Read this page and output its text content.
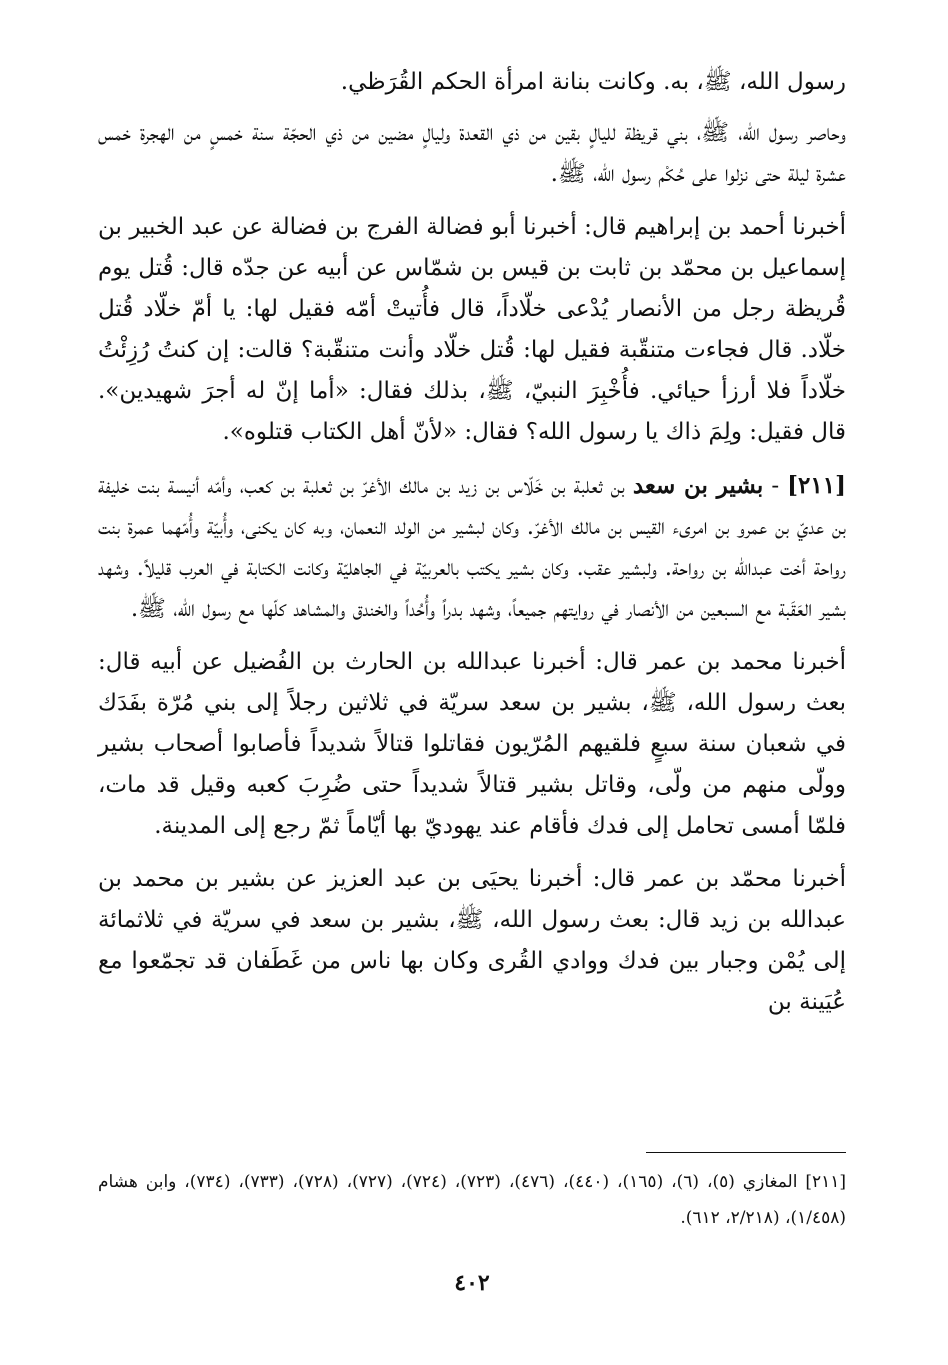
رسول الله، ﷺ، به. وكانت بنانة امرأة الحكم القُرَظي.

وحاصر رسول الله، ﷺ، بني قريظة لليالٍ بقين من ذي القعدة وليالٍ مضين من ذي الحجّة سنة خمسٍ من الهجرة خمس عشرة ليلة حتى نزلوا على حُكْم رسول الله، ﷺ.

أخبرنا أحمد بن إبراهيم قال: أخبرنا أبو فضالة الفرج بن فضالة عن عبد الخبير بن إسماعيل بن محمّد بن ثابت بن قيس بن شمّاس عن أبيه عن جدّه قال: قُتل يوم قُريظة رجل من الأنصار يُدْعى خلّاداً، قال فأُتيتْ أمّه فقيل لها: يا أمّ خلّاد قُتل خلّاد. قال فجاءت متنقّبة فقيل لها: قُتل خلّاد وأنت متنقّبة؟ قالت: إن كنتُ رُزِئْتُ خلّاداً فلا أرزأ حيائي. فأُخْبِرَ النبيّ، ﷺ، بذلك فقال: «أما إنّ له أجرَ شهيدين». قال فقيل: ولِمَ ذاك يا رسول الله؟ فقال: «لأنّ أهل الكتاب قتلوه».

[٢١١] - بشير بن سعد بن ثعلبة بن خَلّاس بن زيد بن مالك الأغرّ بن ثعلبة بن كعب، وأمّه أنيسة بنت خليفة بن عديّ بن عمرو بن امرىء القيس بن مالك الأغرّ. وكان لبشير من الولد النعمان، وبه كان يكنى، وأُبيّة وأُمّهما عمرة بنت رواحة أخت عبدالله بن رواحة. ولبشير عقب. وكان بشير يكتب بالعربيّة في الجاهليّة وكانت الكتابة في العرب قليلاً. وشهد بشير العَقَبة مع السبعين من الأنصار في روايتهم جميعاً، وشهد بدراً وأُحُداً والخندق والمشاهد كلّها مع رسول الله، ﷺ.

أخبرنا محمد بن عمر قال: أخبرنا عبدالله بن الحارث بن الفُضيل عن أبيه قال: بعث رسول الله، ﷺ، بشير بن سعد سريّة في ثلاثين رجلاً إلى بني مُرّة بفَدَك في شعبان سنة سبعٍ فلقيهم المُرّيون فقاتلوا قتالاً شديداً فأصابوا أصحاب بشير وولّى منهم من ولّى، وقاتل بشير قتالاً شديداً حتى ضُرِبَ كعبه وقيل قد مات، فلمّا أمسى تحامل إلى فدك فأقام عند يهوديّ بها أيّاماً ثمّ رجع إلى المدينة.

أخبرنا محمّد بن عمر قال: أخبرنا يحيَى بن عبد العزيز عن بشير بن محمد بن عبدالله بن زيد قال: بعث رسول الله، ﷺ، بشير بن سعد في سريّة في ثلاثمائة إلى يُمْن وجبار بين فدك ووادي القُرى وكان بها ناس من غَطَفان قد تجمّعوا مع عُيَينة بن

[٢١١] المغازي (٥)، (٦)، (١٦٥)، (٤٤٠)، (٤٧٦)، (٧٢٣)، (٧٢٤)، (٧٢٧)، (٧٢٨)، (٧٣٣)، (٧٣٤)، وابن هشام (١/٤٥٨)، (٢/٢١٨، ٦١٢).
٤٠٢
